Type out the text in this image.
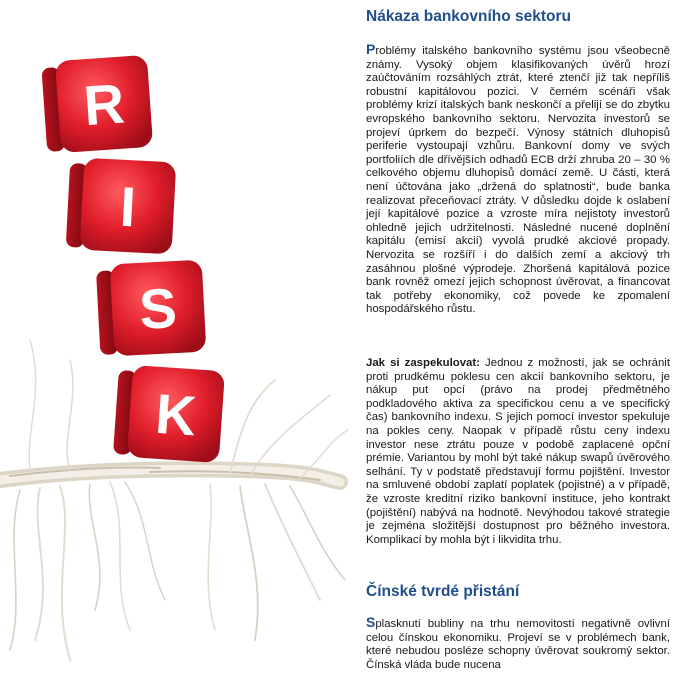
R
I
S
K
Nákaza bankovního sektoru

Problémy italského bankovního systému jsou všeobecně známy. Vysoký objem klasifikovaných úvěrů hrozí zaúčtováním rozsáhlých ztrát, které ztenčí již tak nepříliš robustní kapitálovou pozici. V černém scénáři však problémy krizí italských bank neskončí a přelijí se do zbytku evropského bankovního sektoru. Nervozita investorů se projeví úprkem do bezpečí. Výnosy státních dluhopisů periferie vystoupají vzhůru. Bankovní domy ve svých portfoliích dle dřívějších odhadů ECB drží zhruba 20 – 30 % celkového objemu dluhopisů domácí země. U části, která není účtována jako „držená do splatnosti“, bude banka realizovat přeceňovací ztráty. V důsledku dojde k oslabení její kapitálové pozice a vzroste míra nejistoty investorů ohledně jejich udržitelnosti. Následné nucené doplnění kapitálu (emisí akcií) vyvolá prudké akciové propady. Nervozita se rozšíří i do dalších zemí a akciový trh zasáhnou plošné výprodeje. Zhoršená kapitálová pozice bank rovněž omezí jejich schopnost úvěrovat, a financovat tak potřeby ekonomiky, což povede ke zpomalení hospodářského růstu.

Jak si zaspekulovat: Jednou z možností, jak se ochránit proti prudkému poklesu cen akcií bankovního sektoru, je nákup put opcí (právo na prodej předmětného podkladového aktiva za specifickou cenu a ve specifický čas) bankovního indexu. S jejich pomocí investor spekuluje na pokles ceny. Naopak v případě růstu ceny indexu investor nese ztrátu pouze v podobě zaplacené opční prémie. Variantou by mohl být také nákup swapů úvěrového selhání. Ty v podstatě představují formu pojištění. Investor na smluvené období zaplatí poplatek (pojistné) a v případě, že vzroste kreditní riziko bankovní instituce, jeho kontrakt (pojištění) nabývá na hodnotě. Nevýhodou takové strategie je zejména složitější dostupnost pro běžného investora. Komplikací by mohla být i likvidita trhu.

Čínské tvrdé přistání

Splasknutí bubliny na trhu nemovitostí negativně ovlivní celou čínskou ekonomiku. Projeví se v problémech bank, které nebudou posléze schopny úvěrovat soukromý sektor. Čínská vláda bude nucena
